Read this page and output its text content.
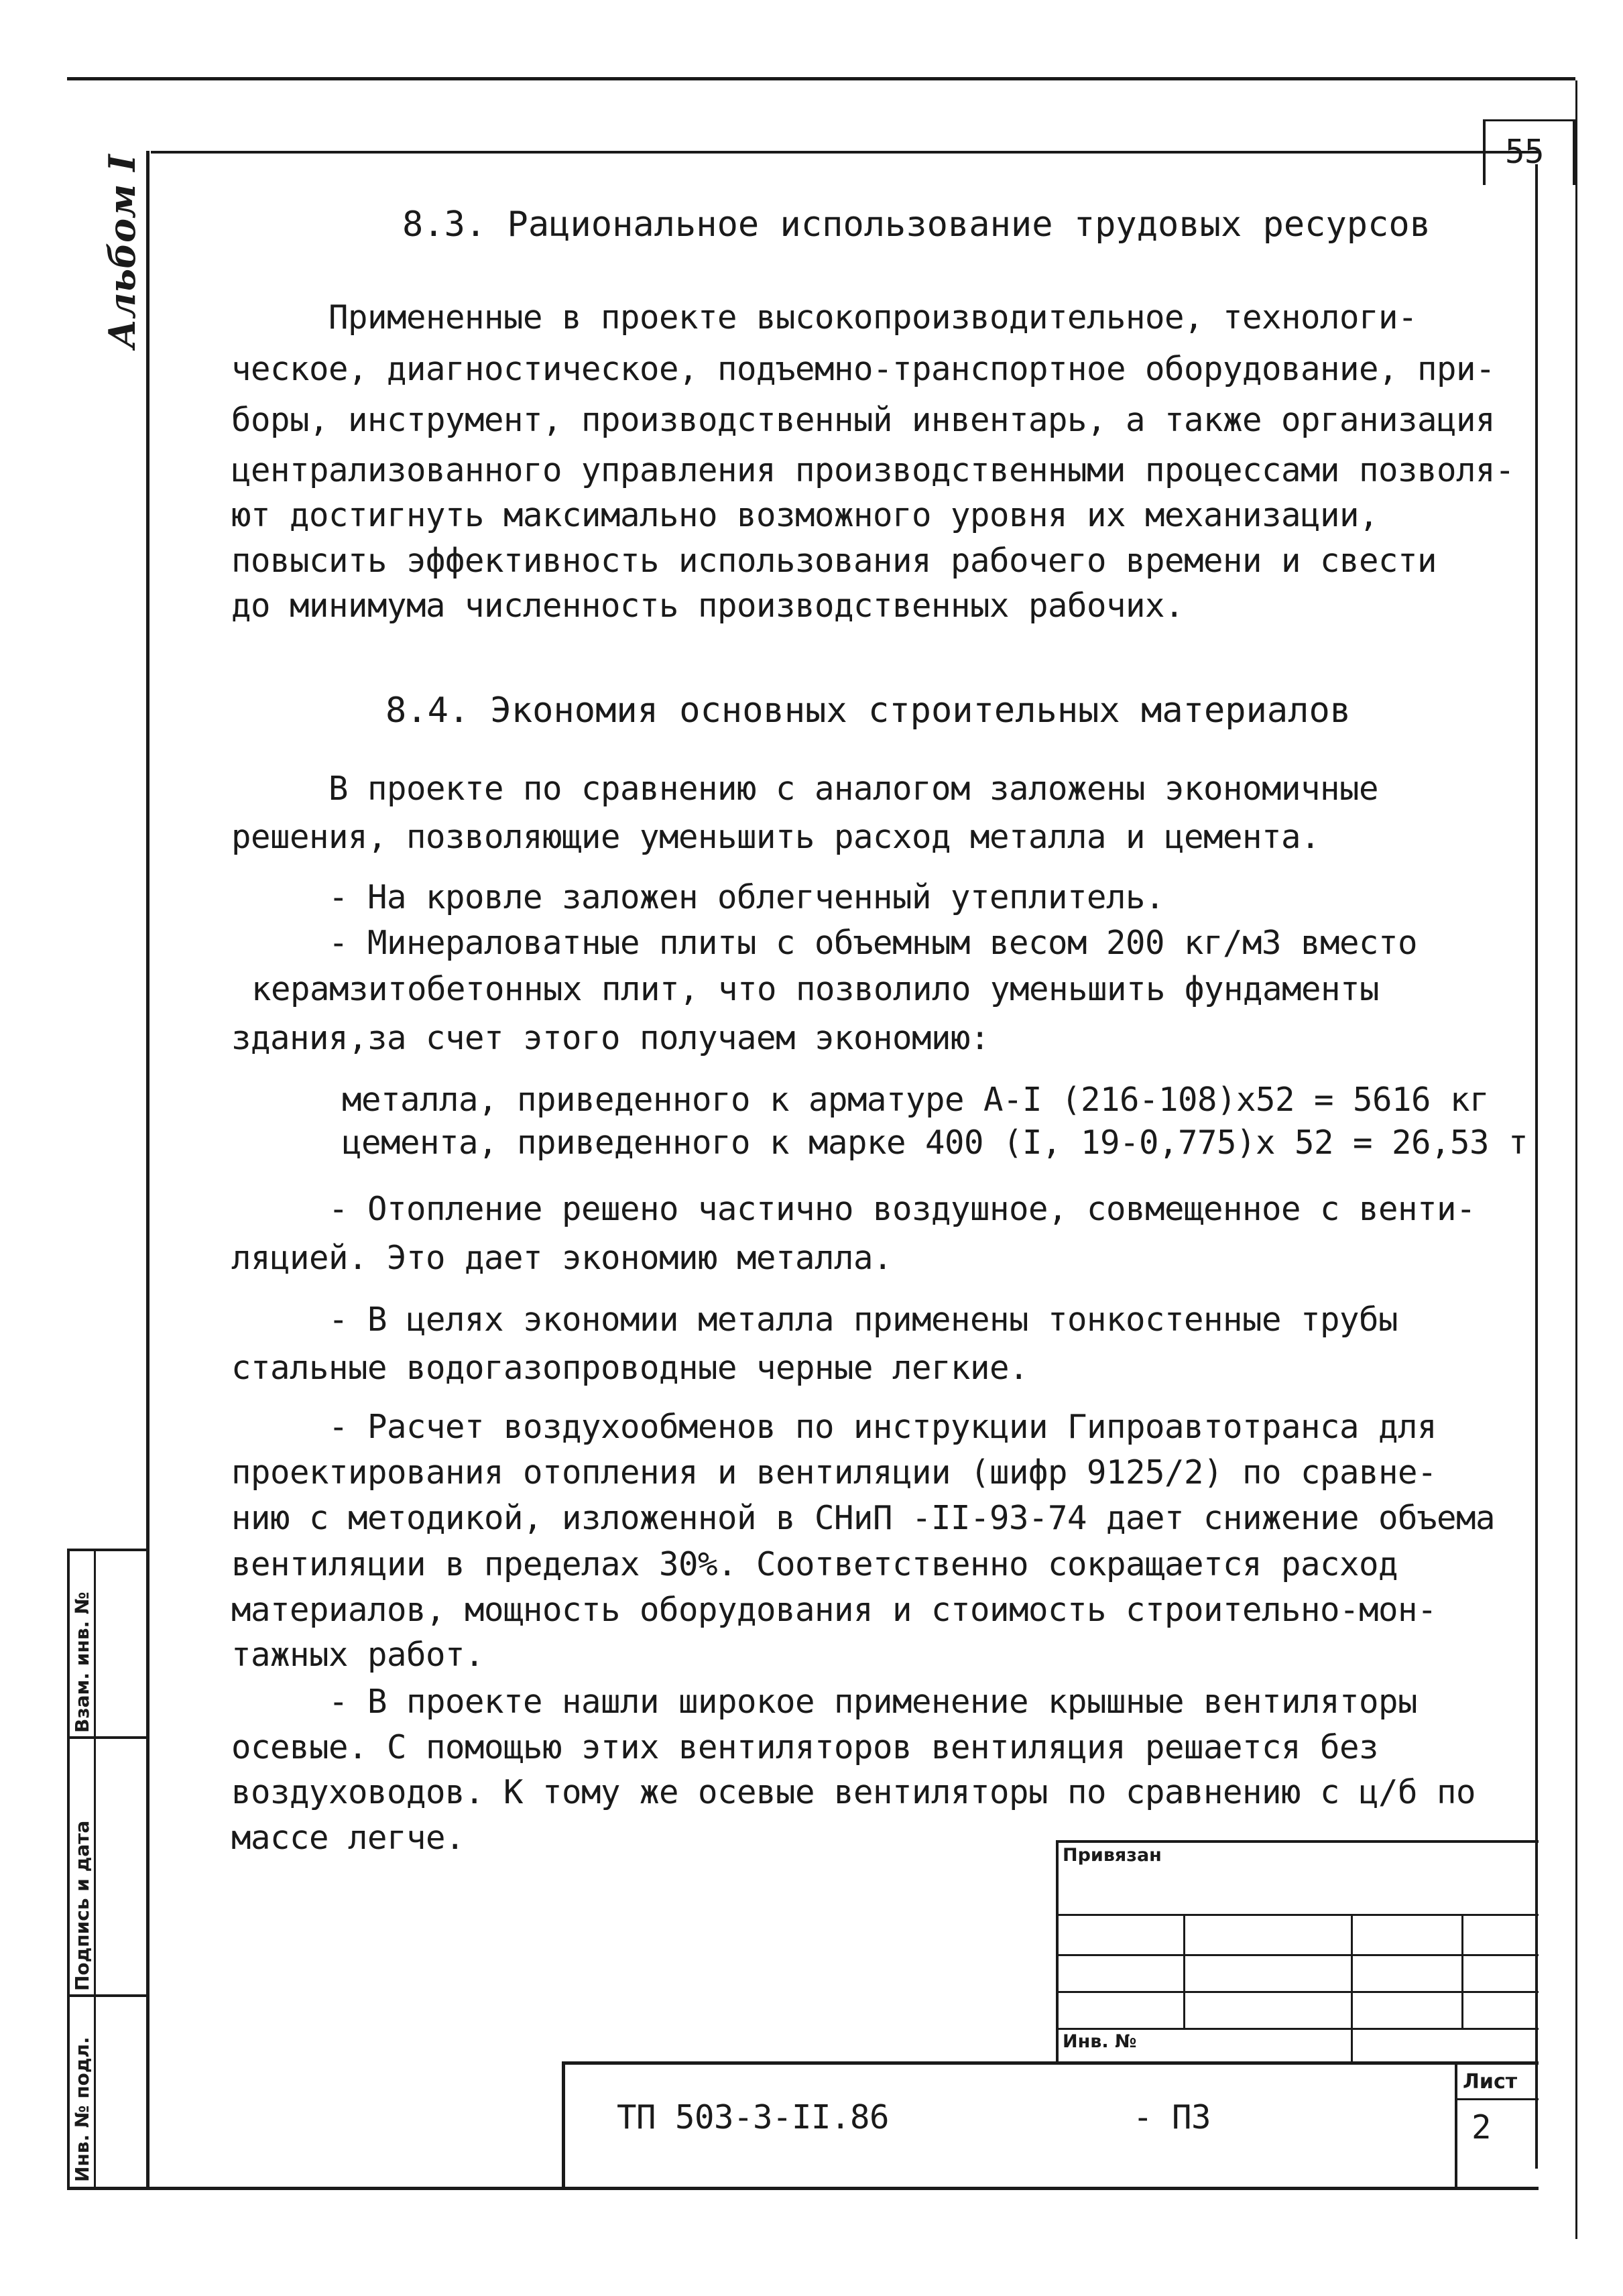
55
Альбом I
Взам. инв. №
Подпись и дата
Инв. № подл.
8.3. Рациональное использование трудовых ресурсов
Примененные в проекте высокопроизводительное, технологи-
ческое, диагностическое, подъемно-транспортное оборудование, при-
боры, инструмент, производственный инвентарь, а также организация
централизованного управления производственными процессами позволя-
ют достигнуть максимально возможного уровня их механизации,
повысить эффективность использования рабочего времени и свести
до минимума численность производственных рабочих.
8.4. Экономия основных строительных материалов
В проекте по сравнению с аналогом заложены экономичные
решения, позволяющие уменьшить расход металла и цемента.
- На кровле заложен облегченный утеплитель.
- Минераловатные плиты с объемным весом 200 кг/м3 вместо
керамзитобетонных плит, что позволило уменьшить фундаменты
здания,за счет этого получаем экономию:
металла, приведенного к арматуре А-I (216-108)х52 = 5616 кг
цемента, приведенного к марке 400 (I, 19-0,775)х 52 = 26,53 т
- Отопление решено частично воздушное, совмещенное с венти-
ляцией. Это дает экономию металла.
- В целях экономии металла применены тонкостенные трубы
стальные водогазопроводные черные легкие.
- Расчет воздухообменов по инструкции Гипроавтотранса для
проектирования отопления и вентиляции (шифр 9125/2) по сравне-
нию с методикой, изложенной в СНиП -II-93-74 дает снижение объема
вентиляции в пределах 30%. Соответственно сокращается расход
материалов, мощность оборудования и стоимость строительно-мон-
тажных работ.
- В проекте нашли широкое применение крышные вентиляторы
осевые. С помощью этих вентиляторов вентиляция решается без
воздуховодов. К тому же осевые вентиляторы по сравнению с ц/б по
массе легче.	Привязан
Инв. №
ТП 503-3-II.86	- ПЗ
Лист
2
